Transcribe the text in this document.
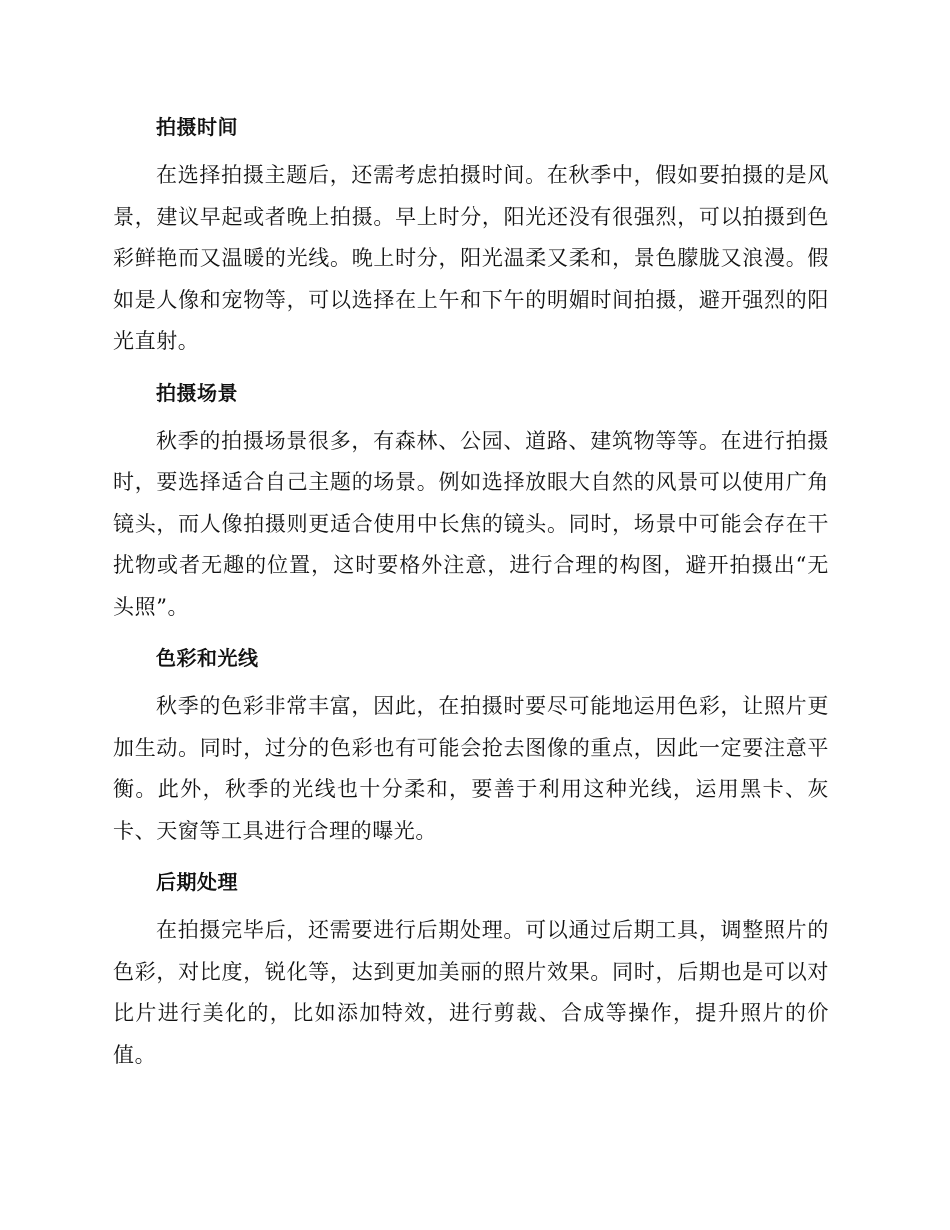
拍摄时间

在选择拍摄主题后，还需考虑拍摄时间。在秋季中，假如要拍摄的是风景，建议早起或者晚上拍摄。早上时分，阳光还没有很强烈，可以拍摄到色彩鲜艳而又温暖的光线。晚上时分，阳光温柔又柔和，景色朦胧又浪漫。假如是人像和宠物等，可以选择在上午和下午的明媚时间拍摄，避开强烈的阳光直射。

拍摄场景

秋季的拍摄场景很多，有森林、公园、道路、建筑物等等。在进行拍摄时，要选择适合自己主题的场景。例如选择放眼大自然的风景可以使用广角镜头，而人像拍摄则更适合使用中长焦的镜头。同时，场景中可能会存在干扰物或者无趣的位置，这时要格外注意，进行合理的构图，避开拍摄出“无头照”。

色彩和光线

秋季的色彩非常丰富，因此，在拍摄时要尽可能地运用色彩，让照片更加生动。同时，过分的色彩也有可能会抢去图像的重点，因此一定要注意平衡。此外，秋季的光线也十分柔和，要善于利用这种光线，运用黑卡、灰卡、天窗等工具进行合理的曝光。

后期处理

在拍摄完毕后，还需要进行后期处理。可以通过后期工具，调整照片的色彩，对比度，锐化等，达到更加美丽的照片效果。同时，后期也是可以对比片进行美化的，比如添加特效，进行剪裁、合成等操作，提升照片的价值。
